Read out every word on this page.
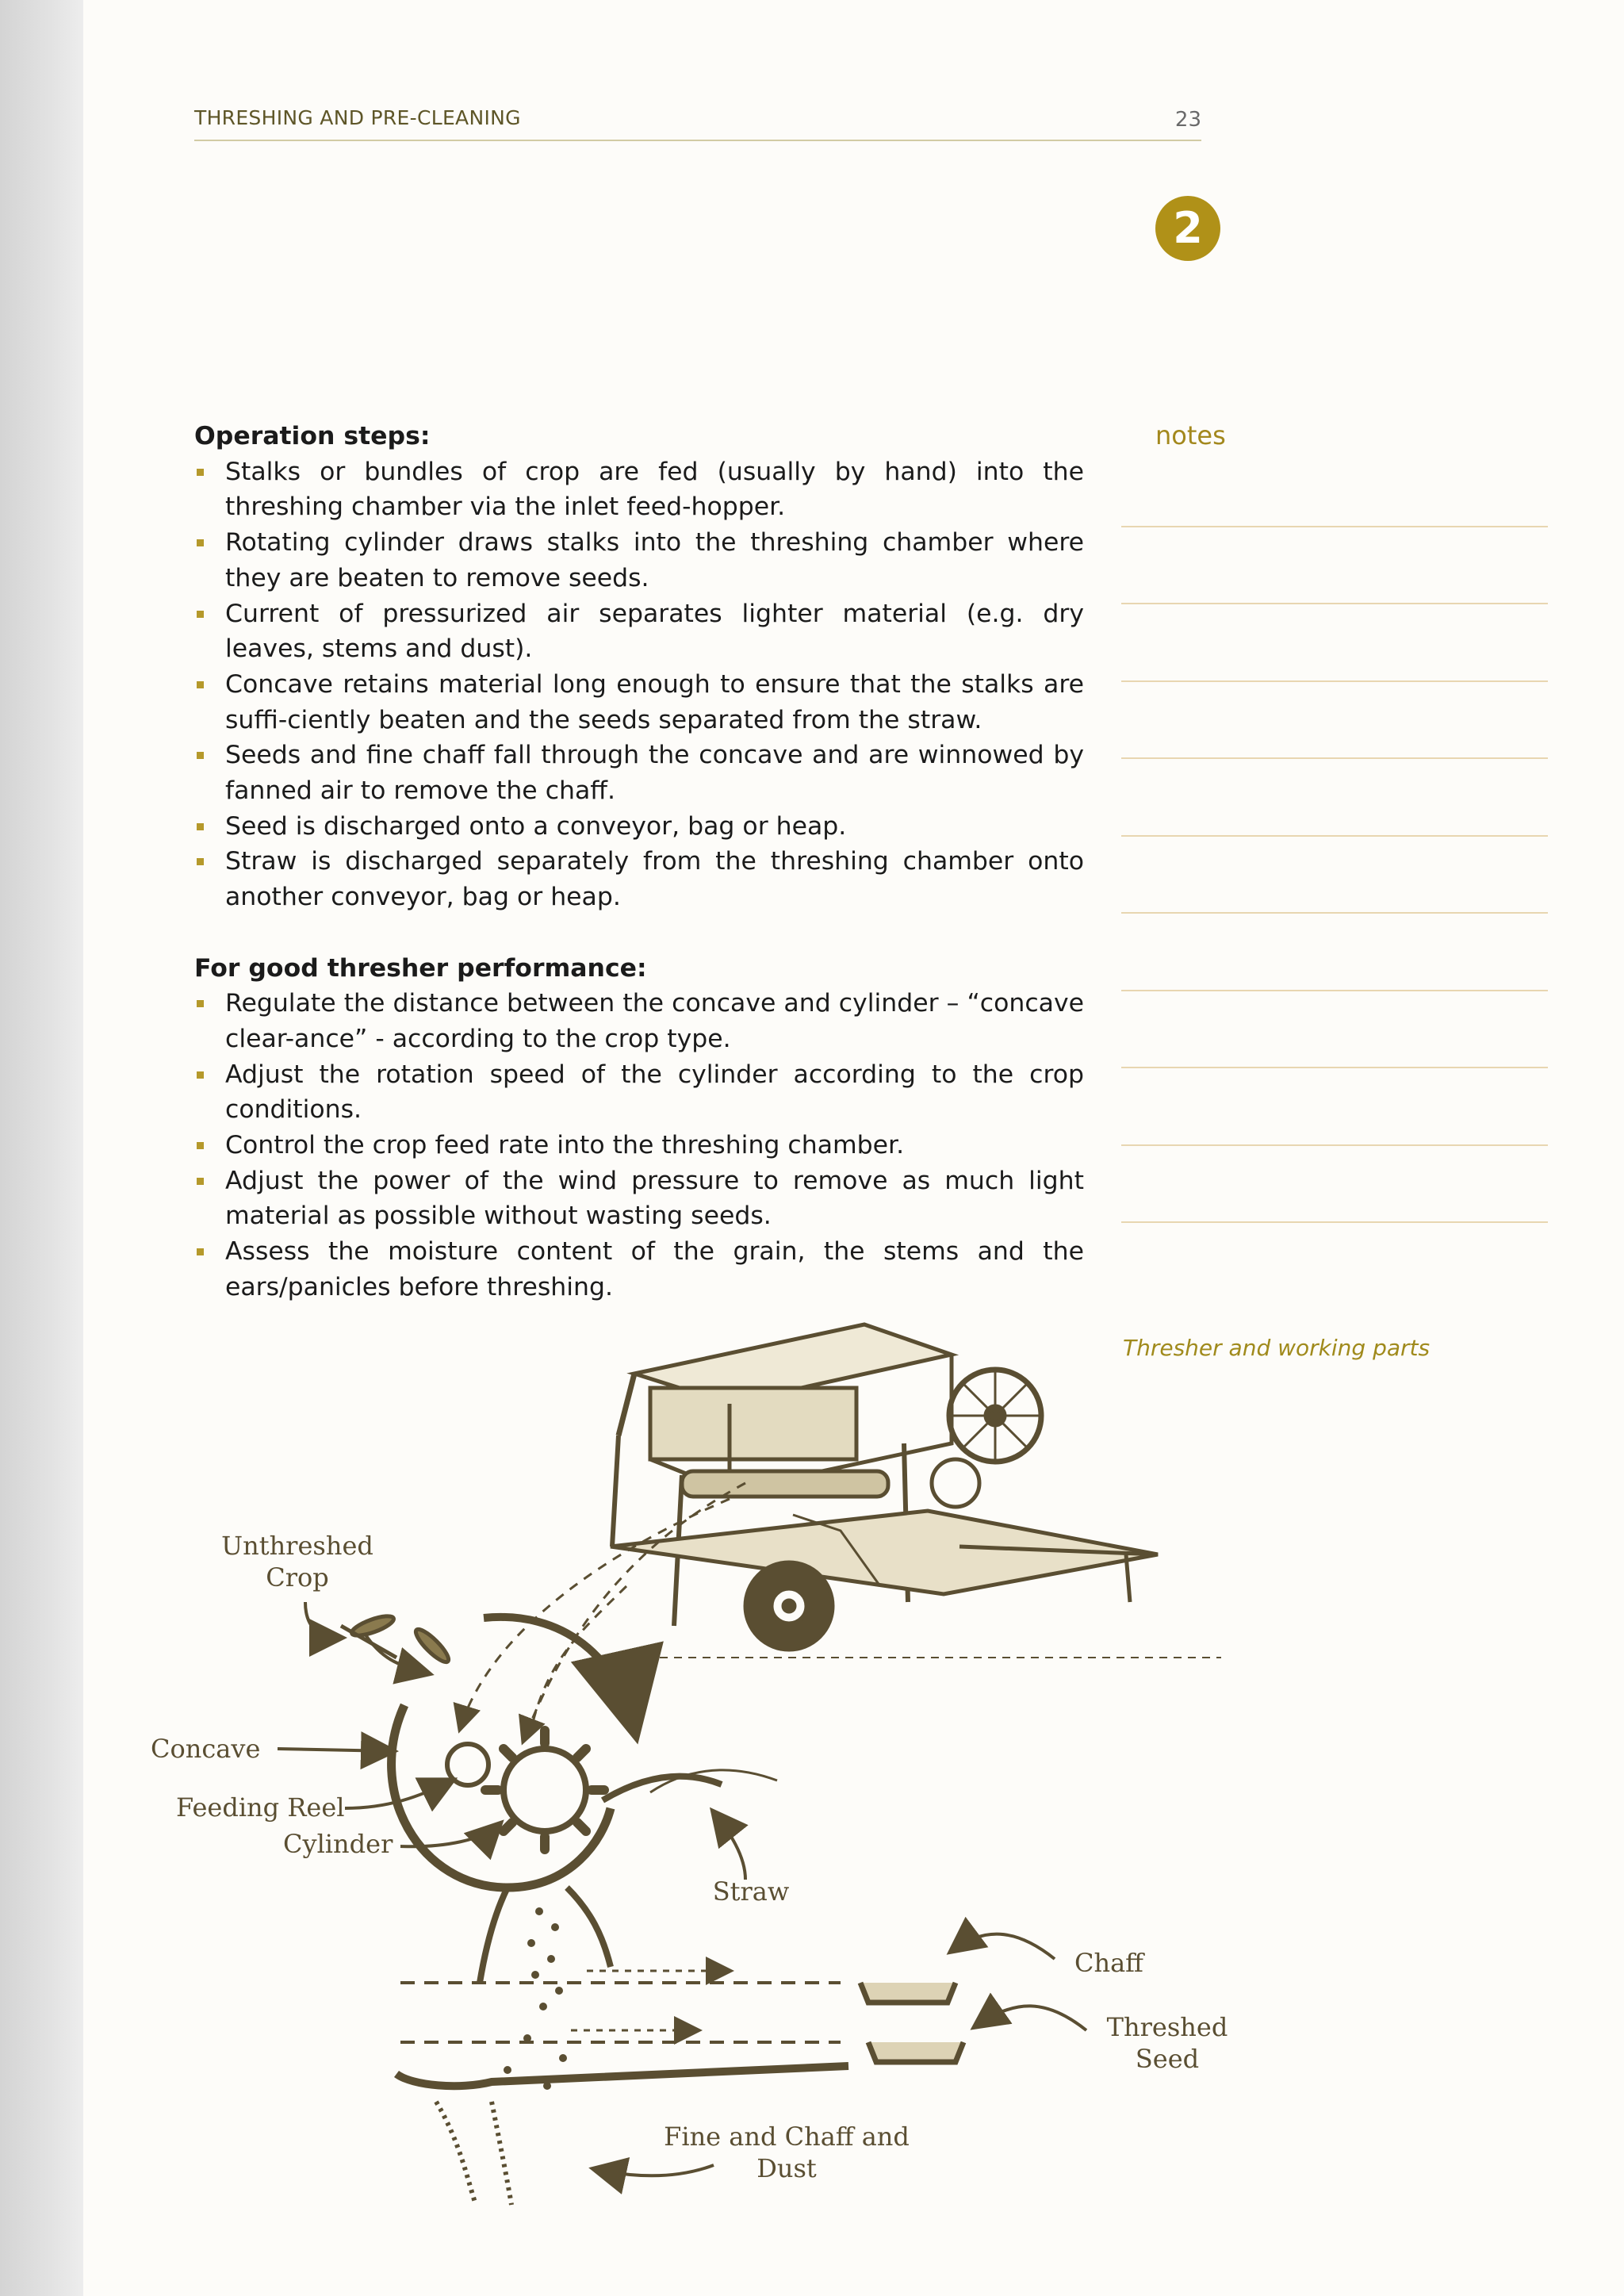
THRESHING AND PRE-CLEANING	23
2
Operation steps:
Stalks or bundles of crop are fed (usually by hand) into the threshing chamber via the inlet feed-hopper.
Rotating cylinder draws stalks into the threshing chamber where they are beaten to remove seeds.
Current of pressurized air separates lighter material (e.g. dry leaves, stems and dust).
Concave retains material long enough to ensure that the stalks are suffi-ciently beaten and the seeds separated from the straw.
Seeds and fine chaff fall through the concave and are winnowed by fanned air to remove the chaff.
Seed is discharged onto a conveyor, bag or heap.
Straw is discharged separately from the threshing chamber onto another conveyor, bag or heap.
For good thresher performance:
Regulate the distance between the concave and cylinder – “concave clear-ance” - according to the crop type.
Adjust the rotation speed of the cylinder according to the crop conditions.
Control the crop feed rate into the threshing chamber.
Adjust the power of the wind pressure to remove as much light material as possible without wasting seeds.
Assess the moisture content of the grain, the stems and the ears/panicles before threshing.
notes
Thresher and working parts
Unthreshed
Crop
Concave
Feeding Reel
Cylinder
Straw
Chaff
Threshed
Seed
Fine and Chaff and
Dust
